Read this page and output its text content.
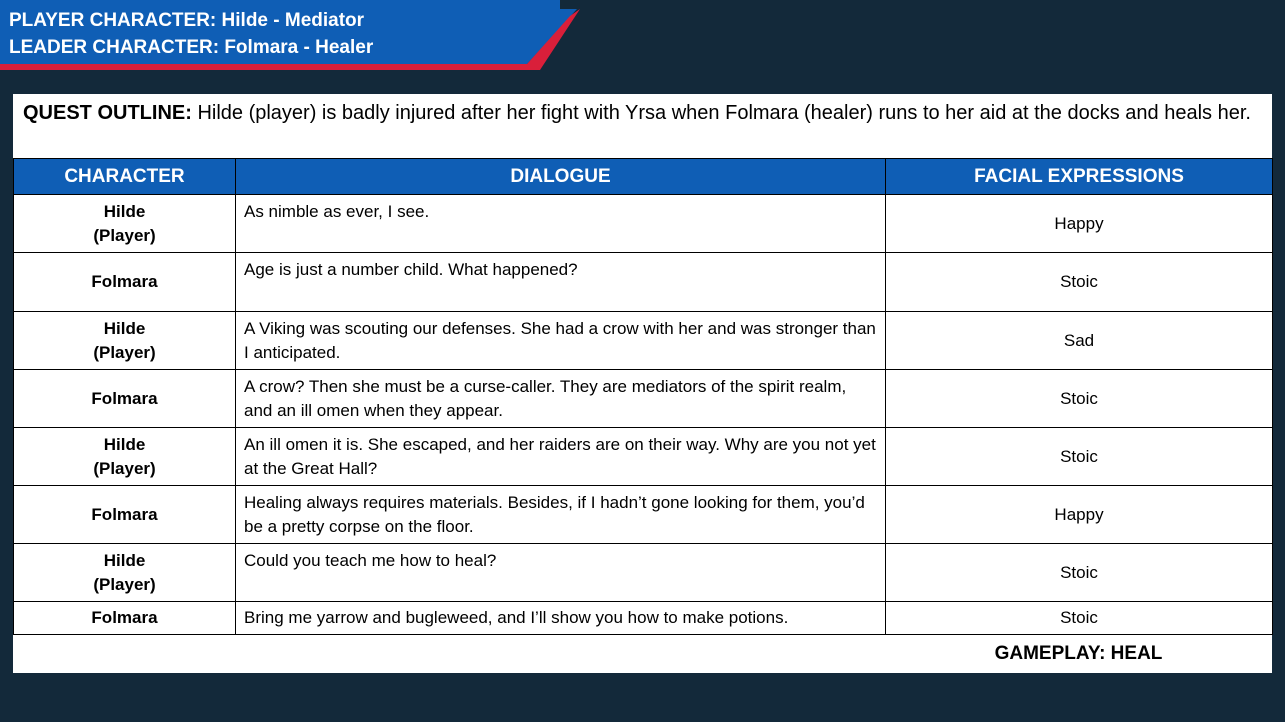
PLAYER CHARACTER: Hilde - Mediator
LEADER CHARACTER: Folmara - Healer
QUEST OUTLINE: Hilde (player) is badly injured after her fight with Yrsa when Folmara (healer) runs to her aid at the docks and heals her.
CHARACTER	DIALOGUE	FACIAL EXPRESSIONS

Hilde
(Player)	As nimble as ever, I see.	Happy

Folmara	Age is just a number child. What happened?	Stoic

Hilde
(Player)	A Viking was scouting our defenses. She had a crow with her and was stronger than I anticipated.	Sad

Folmara	A crow? Then she must be a curse-caller. They are mediators of the spirit realm, and an ill omen when they appear.	Stoic

Hilde
(Player)	An ill omen it is. She escaped, and her raiders are on their way. Why are you not yet at the Great Hall?	Stoic

Folmara	Healing always requires materials. Besides, if I hadn’t gone looking for them, you’d be a pretty corpse on the floor.	Happy

Hilde
(Player)	Could you teach me how to heal?	Stoic

Folmara	Bring me yarrow and bugleweed, and I’ll show you how to make potions.	Stoic
GAMEPLAY: HEAL
